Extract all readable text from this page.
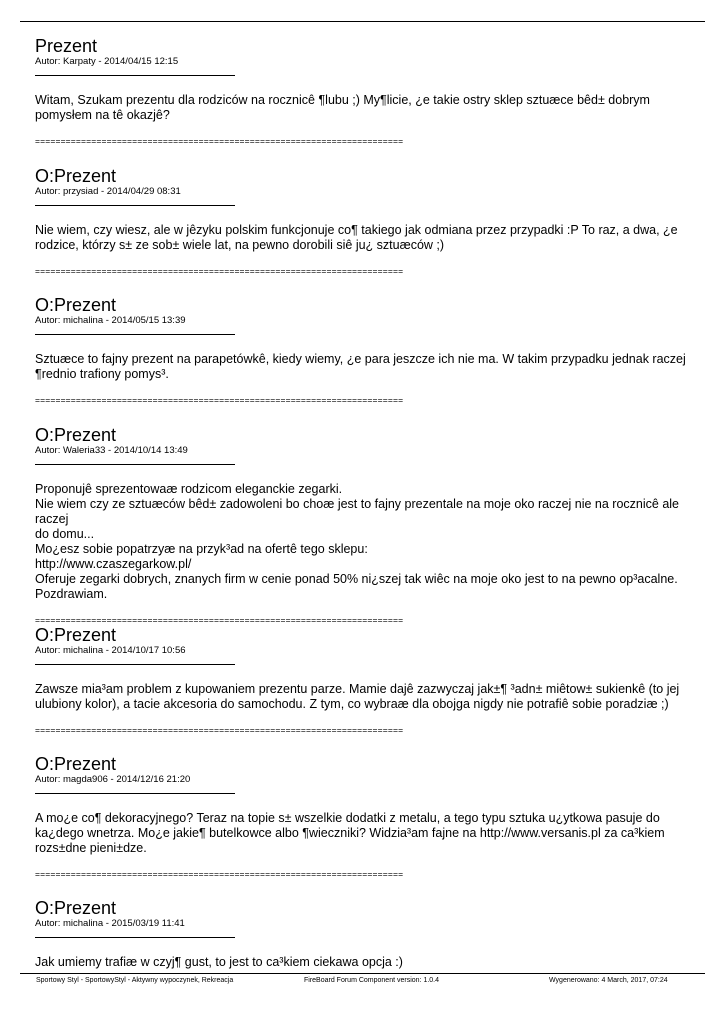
Prezent

Autor: Karpaty - 2014/04/15 12:15

Witam, Szukam prezentu dla rodziców na rocznicê ¶lubu ;) My¶licie, ¿e takie ostry sklep sztuæce bêd± dobrym
pomysłem na tê okazjê?
========================================================================
O:Prezent

Autor: przysiad - 2014/04/29 08:31

Nie wiem, czy wiesz, ale w jêzyku polskim funkcjonuje co¶ takiego jak odmiana przez przypadki :P To raz, a dwa, ¿e
rodzice, którzy s± ze sob± wiele lat, na pewno dorobili siê ju¿ sztuæców ;)
========================================================================
O:Prezent

Autor: michalina - 2014/05/15 13:39

Sztuæce to fajny prezent na parapetówkê, kiedy wiemy, ¿e para jeszcze ich nie ma. W takim przypadku jednak raczej
¶rednio trafiony pomys³.
========================================================================
O:Prezent

Autor: Waleria33 - 2014/10/14 13:49

Proponujê sprezentowaæ rodzicom eleganckie zegarki.
Nie wiem czy ze sztuæców bêd± zadowoleni bo choæ jest to fajny prezentale na moje oko raczej nie na rocznicê ale raczej
do domu...
Mo¿esz sobie popatrzyæ na przyk³ad na ofertê tego sklepu:
http://www.czaszegarkow.pl/
Oferuje zegarki dobrych, znanych firm w cenie ponad 50% ni¿szej tak wiêc na moje oko jest to na pewno op³acalne.
Pozdrawiam.
========================================================================
O:Prezent

Autor: michalina - 2014/10/17 10:56

Zawsze mia³am problem z kupowaniem prezentu parze. Mamie dajê zazwyczaj jak±¶ ³adn± miêtow± sukienkê (to jej
ulubiony kolor), a tacie akcesoria do samochodu. Z tym, co wybraæ dla obojga nigdy nie potrafiê sobie poradziæ ;)
========================================================================
O:Prezent

Autor: magda906 - 2014/12/16 21:20

A mo¿e co¶ dekoracyjnego? Teraz na topie s± wszelkie dodatki z metalu, a tego typu sztuka u¿ytkowa pasuje do
ka¿dego wnetrza. Mo¿e jakie¶ butelkowce albo ¶wieczniki? Widzia³am fajne na http://www.versanis.pl za ca³kiem
rozs±dne pieni±dze.
========================================================================
O:Prezent

Autor: michalina - 2015/03/19 11:41

Jak umiemy trafiæ w czyj¶ gust, to jest to ca³kiem ciekawa opcja :)
Sportowy Styl - SportowyStyl - Aktywny wypoczynek, Rekreacja	FireBoard Forum Component version: 1.0.4	Wygenerowano: 4 March, 2017, 07:24
